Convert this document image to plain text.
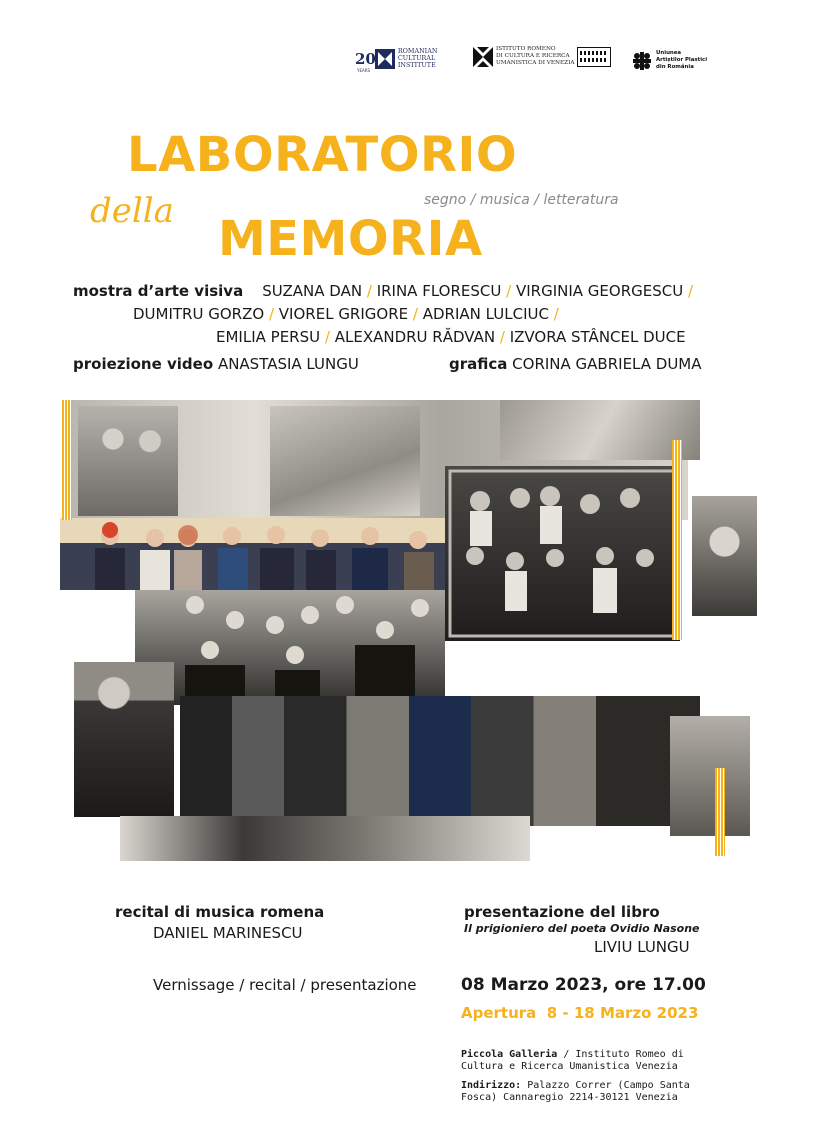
20
YEARS
ROMANIAN
CULTURAL
INSTITUTE
ISTITUTO ROMENO
DI CULTURA E RICERCA
UMANISTICA DI VENEZIA
Uniunea
Artiștilor Plastici
din România
LABORATORIO
della	segno / musica / letteratura
MEMORIA
mostra d’arte visiva SUZANA DAN / IRINA FLORESCU / VIRGINIA GEORGESCU /
DUMITRU GORZO / VIOREL GRIGORE / ADRIAN LULCIUC /
EMILIA PERSU / ALEXANDRU RĂDVAN / IZVORA STÂNCEL DUCE
proiezione video ANASTASIA LUNGU	grafica CORINA GABRIELA DUMA
recital di musica romena
DANIEL MARINESCU
presentazione del libro
Il prigioniero del poeta Ovidio Nasone
LIVIU LUNGU
Vernissage / recital / presentazione	08 Marzo 2023, ore 17.00
Apertura 8 - 18 Marzo 2023
Piccola Galleria / Instituto Romeo di
Cultura e Ricerca Umanistica Venezia
Indirizzo: Palazzo Correr (Campo Santa
Fosca) Cannaregio 2214-30121 Venezia
